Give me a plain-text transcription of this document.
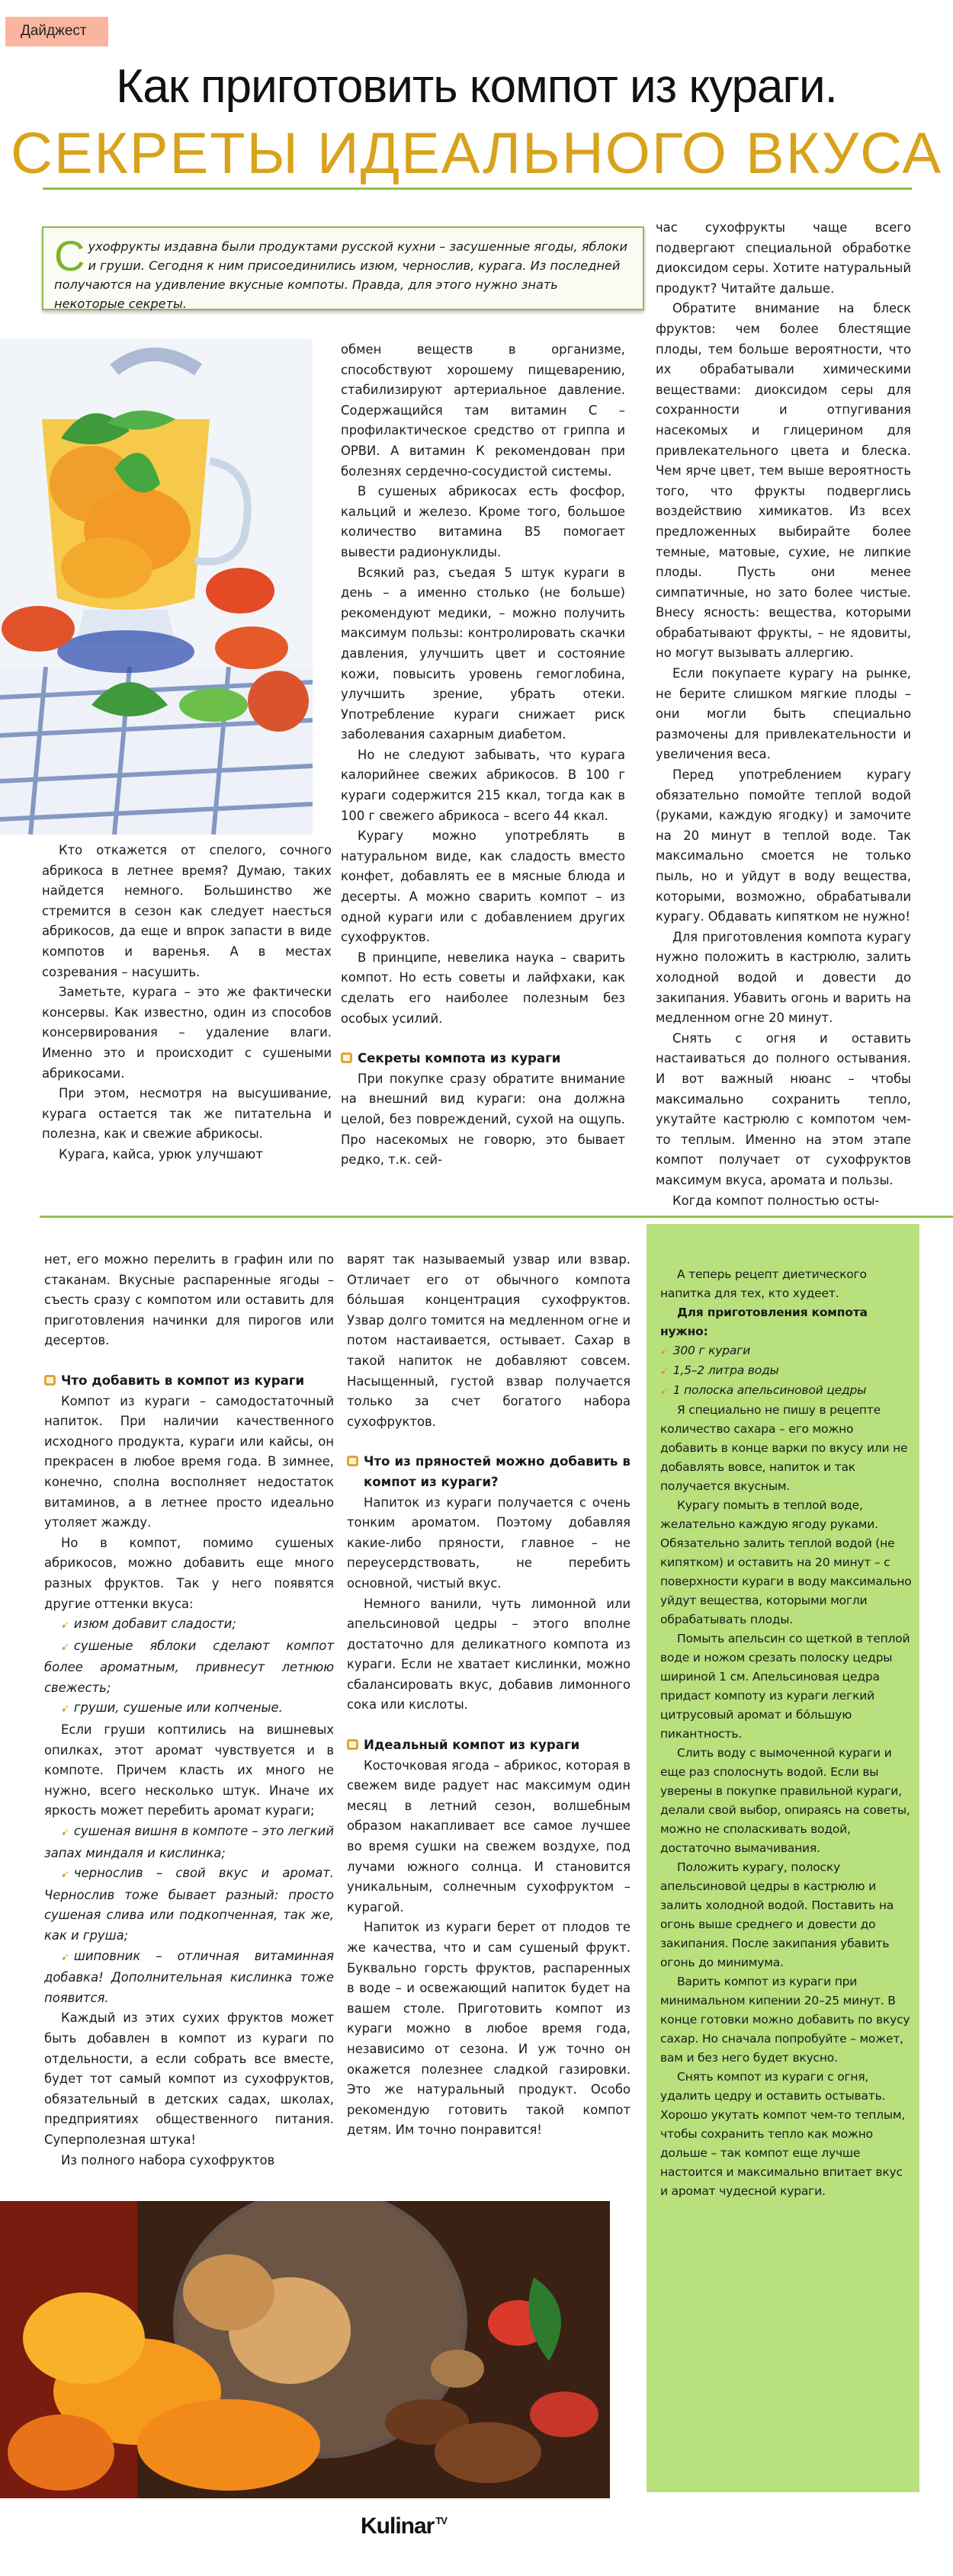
Дайджест
Как приготовить компот из кураги.
СЕКРЕТЫ ИДЕАЛЬНОГО ВКУСА
С ухофрукты издавна были продуктами русской кухни – засушенные ягоды, яблоки и груши. Сегодня к ним присоединились изюм, чернослив, курага. Из последней получаются на удивление вкусные компоты. Правда, для этого нужно знать некоторые секреты.

Кто откажется от спелого, сочного абрикоса в летнее время? Думаю, таких найдется немного. Большинство же стремится в сезон как следует наесться абрикосов, да еще и впрок запасти в виде компотов и варенья. А в местах созревания – насушить.

Заметьте, курага – это же фактически консервы. Как известно, один из способов консервирования – удаление влаги. Именно это и происходит с сушеными абрикосами.

При этом, несмотря на высушивание, курага остается так же питательна и полезна, как и свежие абрикосы.

Курага, кайса, урюк улучшают

обмен веществ в организме, способствуют хорошему пищеварению, стабилизируют артериальное давление. Содержащийся там витамин С – профилактическое средство от гриппа и ОРВИ. А витамин К рекомендован при болезнях сердечно-сосудистой системы.

В сушеных абрикосах есть фосфор, кальций и железо. Кроме того, большое количество витамина В5 помогает вывести радионуклиды.

Всякий раз, съедая 5 штук кураги в день – а именно столько (не больше) рекомендуют медики, – можно получить максимум пользы: контролировать скачки давления, улучшить цвет и состояние кожи, повысить уровень гемоглобина, улучшить зрение, убрать отеки. Употребление кураги снижает риск заболевания сахарным диабетом.

Но не следуют забывать, что курага калорийнее свежих абрикосов. В 100 г кураги содержится 215 ккал, тогда как в 100 г свежего абрикоса – всего 44 ккал.

Курагу можно употреблять в натуральном виде, как сладость вместо конфет, добавлять ее в мясные блюда и десерты. А можно сварить компот – из одной кураги или с добавлением других сухофруктов.

В принципе, невелика наука – сварить компот. Но есть советы и лайфхаки, как сделать его наиболее полезным без особых усилий.

Секреты компота из кураги

При покупке сразу обратите внимание на внешний вид кураги: она должна целой, без повреждений, сухой на ощупь. Про насекомых не говорю, это бывает редко, т.к. сей-

час сухофрукты чаще всего подвергают специальной обработке диоксидом серы. Хотите натуральный продукт? Читайте дальше.

Обратите внимание на блеск фруктов: чем более блестящие плоды, тем больше вероятности, что их обрабатывали химическими веществами: диоксидом серы для сохранности и отпугивания насекомых и глицерином для привлекательного цвета и блеска. Чем ярче цвет, тем выше вероятность того, что фрукты подверглись воздействию химикатов. Из всех предложенных выбирайте более темные, матовые, сухие, не липкие плоды. Пусть они менее симпатичные, но зато более чистые. Внесу ясность: вещества, которыми обрабатывают фрукты, – не ядовиты, но могут вызывать аллергию.

Если покупаете курагу на рынке, не берите слишком мягкие плоды – они могли быть специально размочены для привлекательности и увеличения веса.

Перед употреблением курагу обязательно помойте теплой водой (руками, каждую ягодку) и замочите на 20 минут в теплой воде. Так максимально смоется не только пыль, но и уйдут в воду вещества, которыми, возможно, обрабатывали курагу. Обдавать кипятком не нужно!

Для приготовления компота курагу нужно положить в кастрюлю, залить холодной водой и довести до закипания. Убавить огонь и варить на медленном огне 20 минут.

Снять с огня и оставить настаиваться до полного остывания. И вот важный нюанс – чтобы максимально сохранить тепло, укутайте кастрюлю с компотом чем-то теплым. Именно на этом этапе компот получает от сухофруктов максимум вкуса, аромата и пользы.

Когда компот полностью осты-

нет, его можно перелить в графин или по стаканам. Вкусные распаренные ягоды – съесть сразу с компотом или оставить для приготовления начинки для пирогов или десертов.

Что добавить в компот из кураги

Компот из кураги – самодостаточный напиток. При наличии качественного исходного продукта, кураги или кайсы, он прекрасен в любое время года. В зимнее, конечно, сполна восполняет недостаток витаминов, а в летнее просто идеально утоляет жажду.

Но в компот, помимо сушеных абрикосов, можно добавить еще много разных фруктов. Так у него появятся другие оттенки вкуса:

➹ изюм добавит сладости;

➹ сушеные яблоки сделают компот более ароматным, привнесут летнюю свежесть;

➹ груши, сушеные или копченые.

Если груши коптились на вишневых опилках, этот аромат чувствуется и в компоте. Причем класть их много не нужно, всего несколько штук. Иначе их яркость может перебить аромат кураги;

➹ сушеная вишня в компоте – это легкий запах миндаля и кислинка;

➹ чернослив – свой вкус и аромат. Чернослив тоже бывает разный: просто сушеная слива или подкопченная, так же, как и груша;

➹ шиповник – отличная витаминная добавка! Дополнительная кислинка тоже появится.

Каждый из этих сухих фруктов может быть добавлен в компот из кураги по отдельности, а если собрать все вместе, будет тот самый компот из сухофруктов, обязательный в детских садах, школах, предприятиях общественного питания. Суперполезная штука!

Из полного набора сухофруктов

варят так называемый узвар или взвар. Отличает его от обычного компота бóльшая концентрация сухофруктов. Узвар долго томится на медленном огне и потом настаивается, остывает. Сахар в такой напиток не добавляют совсем. Насыщенный, густой взвар получается только за счет богатого набора сухофруктов.

Что из пряностей можно добавить в компот из кураги?

Напиток из кураги получается с очень тонким ароматом. Поэтому добавляя какие-либо пряности, главное – не переусердствовать, не перебить основной, чистый вкус.

Немного ванили, чуть лимонной или апельсиновой цедры – этого вполне достаточно для деликатного компота из кураги. Если не хватает кислинки, можно сбалансировать вкус, добавив лимонного сока или кислоты.

Идеальный компот из кураги

Косточковая ягода – абрикос, которая в свежем виде радует нас максимум один месяц в летний сезон, волшебным образом накапливает все самое лучшее во время сушки на свежем воздухе, под лучами южного солнца. И становится уникальным, солнечным сухофруктом – курагой.

Напиток из кураги берет от плодов те же качества, что и сам сушеный фрукт. Буквально горсть фруктов, распаренных в воде – и освежающий напиток будет на вашем столе. Приготовить компот из кураги можно в любое время года, независимо от сезона. И уж точно он окажется полезнее сладкой газировки. Это же натуральный продукт. Особо рекомендую готовить такой компот детям. Им точно понравится!

А теперь рецепт диетического напитка для тех, кто худеет.

Для приготовления компота нужно:

➹ 300 г кураги

➹ 1,5–2 литра воды

➹ 1 полоска апельсиновой цедры

Я специально не пишу в рецепте количество сахара – его можно добавить в конце варки по вкусу или не добавлять вовсе, напиток и так получается вкусным.

Курагу помыть в теплой воде, желательно каждую ягоду руками. Обязательно залить теплой водой (не кипятком) и оставить на 20 минут – с поверхности кураги в воду максимально уйдут вещества, которыми могли обрабатывать плоды.

Помыть апельсин со щеткой в теплой воде и ножом срезать полоску цедры шириной 1 см. Апельсиновая цедра придаст компоту из кураги легкий цитрусовый аромат и бóльшую пикантность.

Слить воду с вымоченной кураги и еще раз сполоснуть водой. Если вы уверены в покупке правильной кураги, делали свой выбор, опираясь на советы, можно не споласкивать водой, достаточно вымачивания.

Положить курагу, полоску апельсиновой цедры в кастрюлю и залить холодной водой. Поставить на огонь выше среднего и довести до закипания. После закипания убавить огонь до минимума.

Варить компот из кураги при минимальном кипении 20–25 минут. В конце готовки можно добавить по вкусу сахар. Но сначала попробуйте – может, вам и без него будет вкусно.

Снять компот из кураги с огня, удалить цедру и оставить остывать. Хорошо укутать компот чем-то теплым, чтобы сохранить тепло как можно дольше – так компот еще лучше настоится и максимально впитает вкус и аромат чудесной кураги.

Kulinar $^{TV}$
